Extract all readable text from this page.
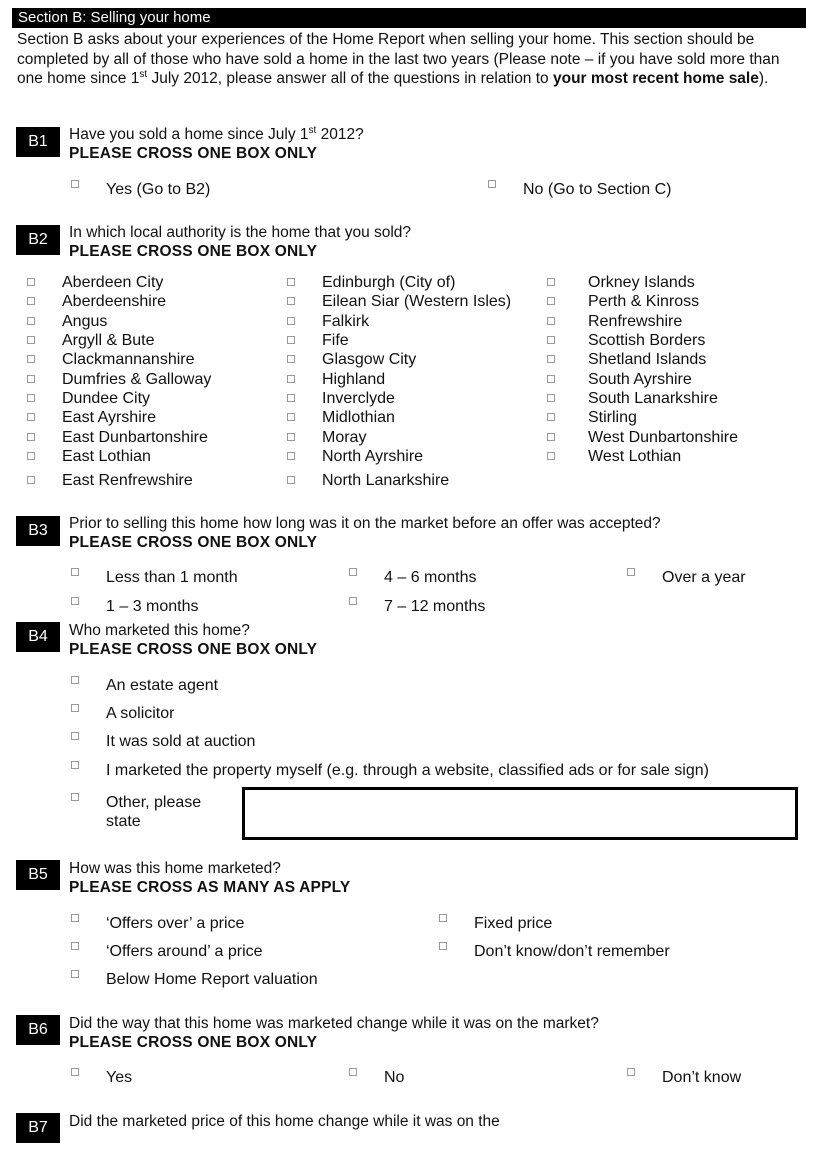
Section B: Selling your home

Section B asks about your experiences of the Home Report when selling your home. This section should be completed by all of those who have sold a home in the last two years (Please note – if you have sold more than one home since 1st July 2012, please answer all of the questions in relation to your most recent home sale).

B1	Have you sold a home since July 1st 2012?
PLEASE CROSS ONE BOX ONLY
Yes (Go to B2)	No (Go to Section C)
B2	In which local authority is the home that you sold?
PLEASE CROSS ONE BOX ONLY
Aberdeen City
Aberdeenshire
Angus
Argyll & Bute
Clackmannanshire
Dumfries & Galloway
Dundee City
East Ayrshire
East Dunbartonshire
East Lothian
East Renfrewshire
Edinburgh (City of)
Eilean Siar (Western Isles)
Falkirk
Fife
Glasgow City
Highland
Inverclyde
Midlothian
Moray
North Ayrshire
North Lanarkshire
Orkney Islands
Perth & Kinross
Renfrewshire
Scottish Borders
Shetland Islands
South Ayrshire
South Lanarkshire
Stirling
West Dunbartonshire
West Lothian
B3	Prior to selling this home how long was it on the market before an offer was accepted?
PLEASE CROSS ONE BOX ONLY
Less than 1 month	4 – 6 months	Over a year
1 – 3 months	7 – 12 months
B4	Who marketed this home?
PLEASE CROSS ONE BOX ONLY
An estate agent
A solicitor
It was sold at auction
I marketed the property myself (e.g. through a website, classified ads or for sale sign)
Other, please
state
B5	How was this home marketed?
PLEASE CROSS AS MANY AS APPLY
‘Offers over’ a price	Fixed price
‘Offers around’ a price	Don’t know/don’t remember
Below Home Report valuation
B6	Did the way that this home was marketed change while it was on the market?
PLEASE CROSS ONE BOX ONLY
Yes	No	Don’t know
B7	Did the marketed price of this home change while it was on the
